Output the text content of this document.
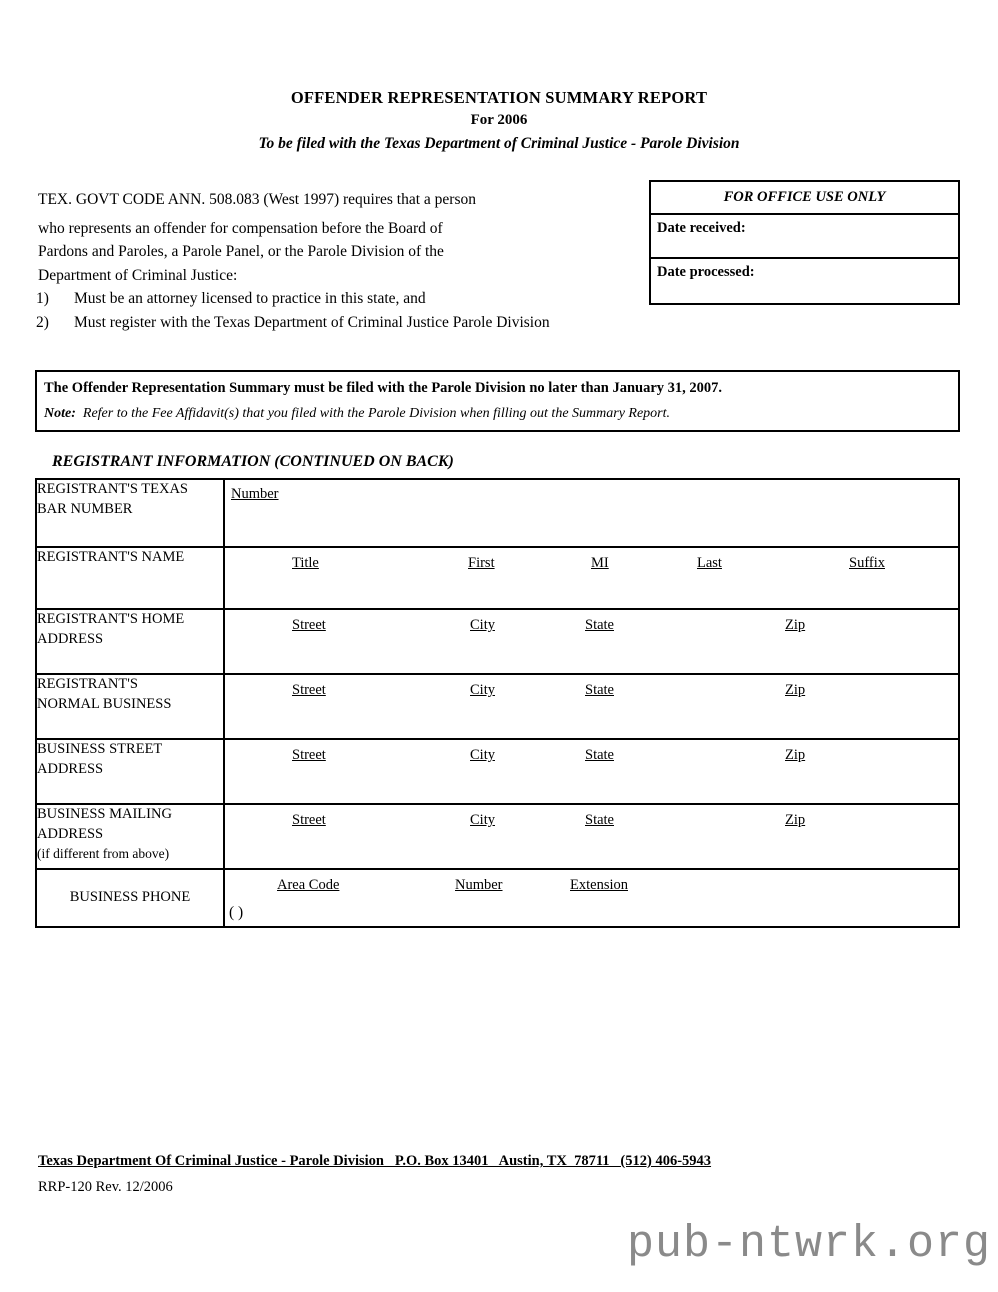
OFFENDER REPRESENTATION SUMMARY REPORT
For 2006
To be filed with the Texas Department of Criminal Justice - Parole Division
TEX. GOVT CODE ANN. 508.083 (West 1997) requires that a person
who represents an offender for compensation before the Board of
Pardons and Paroles, a Parole Panel, or the Parole Division of the
Department of Criminal Justice:
1) Must be an attorney licensed to practice in this state, and
2) Must register with the Texas Department of Criminal Justice Parole Division
FOR OFFICE USE ONLY
Date received:
Date processed:
The Offender Representation Summary must be filed with the Parole Division no later than January 31, 2007.
Note: Refer to the Fee Affidavit(s) that you filed with the Parole Division when filling out the Summary Report.
REGISTRANT INFORMATION (CONTINUED ON BACK)
REGISTRANT'S TEXAS
BAR NUMBER	Number

REGISTRANT'S NAME	Title First MI Last Suffix

REGISTRANT'S HOME
ADDRESS	Street City State Zip

REGISTRANT'S
NORMAL BUSINESS	Street City State Zip

BUSINESS STREET
ADDRESS	Street City State Zip

BUSINESS MAILING
ADDRESS
(if different from above)	Street City State Zip

BUSINESS PHONE	Area Code Number Extension
( )
Texas Department Of Criminal Justice - Parole Division   P.O. Box 13401   Austin, TX  78711   (512) 406-5943
RRP-120 Rev. 12/2006
pub-ntwrk.org
